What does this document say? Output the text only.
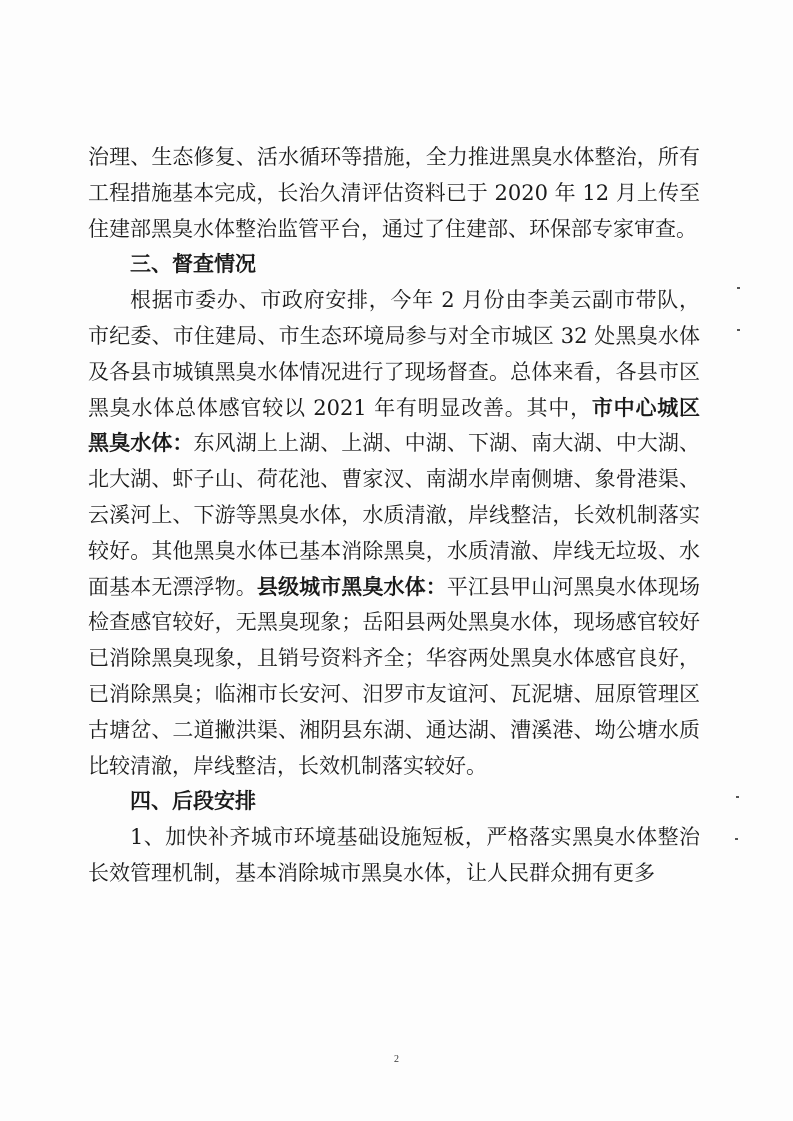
治理、生态修复、活水循环等措施，全力推进黑臭水体整治，所有工程措施基本完成，长治久清评估资料已于 2020 年 12 月上传至住建部黑臭水体整治监管平台，通过了住建部、环保部专家审查。

三、督查情况

根据市委办、市政府安排，今年 2 月份由李美云副市带队，市纪委、市住建局、市生态环境局参与对全市城区 32 处黑臭水体及各县市城镇黑臭水体情况进行了现场督查。总体来看，各县市区黑臭水体总体感官较以 2021 年有明显改善。其中，市中心城区黑臭水体：东风湖上上湖、上湖、中湖、下湖、南大湖、中大湖、北大湖、虾子山、荷花池、曹家汊、南湖水岸南侧塘、象骨港渠、云溪河上、下游等黑臭水体，水质清澈，岸线整洁，长效机制落实较好。其他黑臭水体已基本消除黑臭，水质清澈、岸线无垃圾、水面基本无漂浮物。县级城市黑臭水体：平江县甲山河黑臭水体现场检查感官较好，无黑臭现象；岳阳县两处黑臭水体，现场感官较好已消除黑臭现象，且销号资料齐全；华容两处黑臭水体感官良好，已消除黑臭；临湘市长安河、汨罗市友谊河、瓦泥塘、屈原管理区古塘岔、二道撇洪渠、湘阴县东湖、通达湖、漕溪港、坳公塘水质比较清澈，岸线整洁，长效机制落实较好。

四、后段安排

1、加快补齐城市环境基础设施短板，严格落实黑臭水体整治长效管理机制，基本消除城市黑臭水体，让人民群众拥有更多

2
